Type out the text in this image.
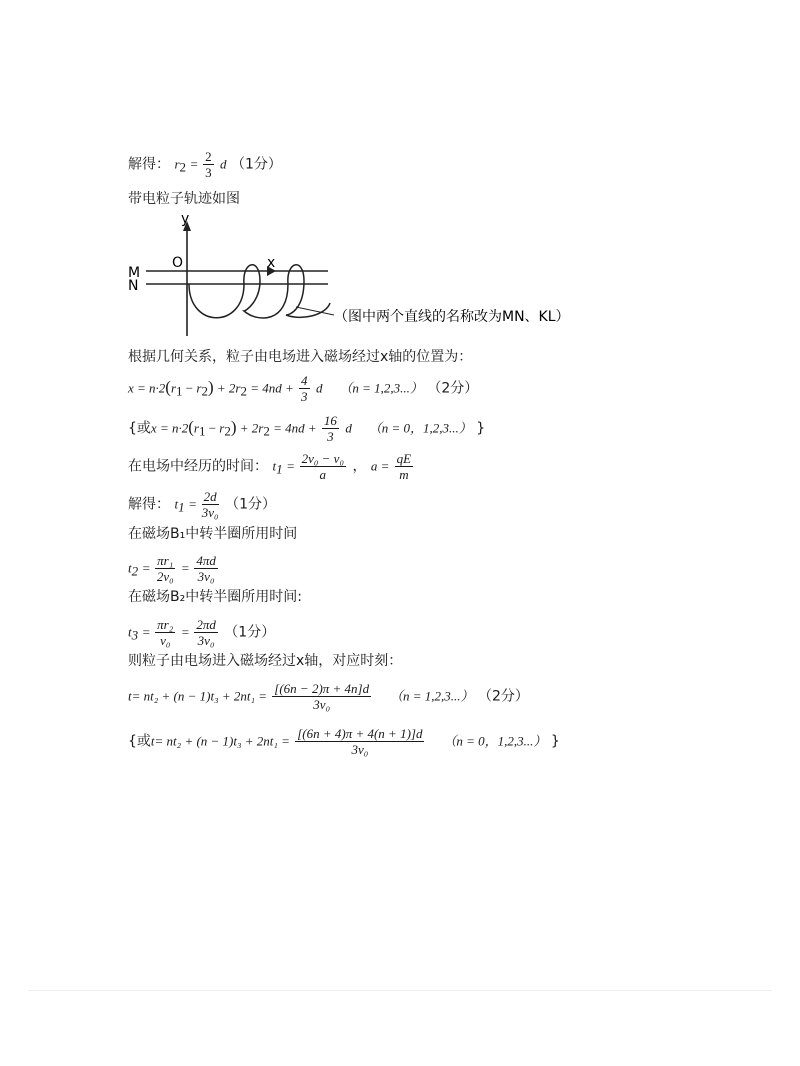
解得： $r_2 = \frac{2}{3}$ d （1分）
带电粒子轨迹如图
y
O
M
N
x
（图中两个直线的名称改为MN、KL）
根据几何关系，粒子由电场进入磁场经过x轴的位置为：
$x = n\cdot 2(r_1 - r_2) + 2r_2 = 4nd + \frac{4}{3}$ d （n = 1,2,3...） （2分）
{或$x = n\cdot 2(r_1 - r_2) + 2r_2 = 4nd + \frac{16}{3}$ d （n = 0，1,2,3...） }
在电场中经历的时间： $t_1 = \frac{\text{2v₀ − v₀}}{a}$ ， $a = \frac{qE}{m}$
解得： $t_1 = \frac{2d}{\text{3v₀}} (1$分）
在磁场B₁中转半圈所用时间
$t_2 = \frac{\text{πr₁}}{\text{2v₀}} = \frac{4\pi d}{\text{3v₀}}$
在磁场B₂中转半圈所用时间:
$t_3 = \frac{\text{πr₂}}{\text{v₀}} = \frac{2\pi d}{\text{3v₀}} (1$分）
则粒子由电场进入磁场经过x轴，对应时刻：
$t= nt_2 + (n - 1)t_3 + 2nt_1 = \frac{[(6n - 2)\pi + 4n]d}{\text{3v₀}} (n = 1,2,3...)$ （2分）
{或$t= nt_2 + (n - 1)t_3 + 2nt_1 = \frac{[(6n + 4)\pi + 4(n + 1)]d}{\text{3v₀}} (n = 0$，1,2,3...） }
